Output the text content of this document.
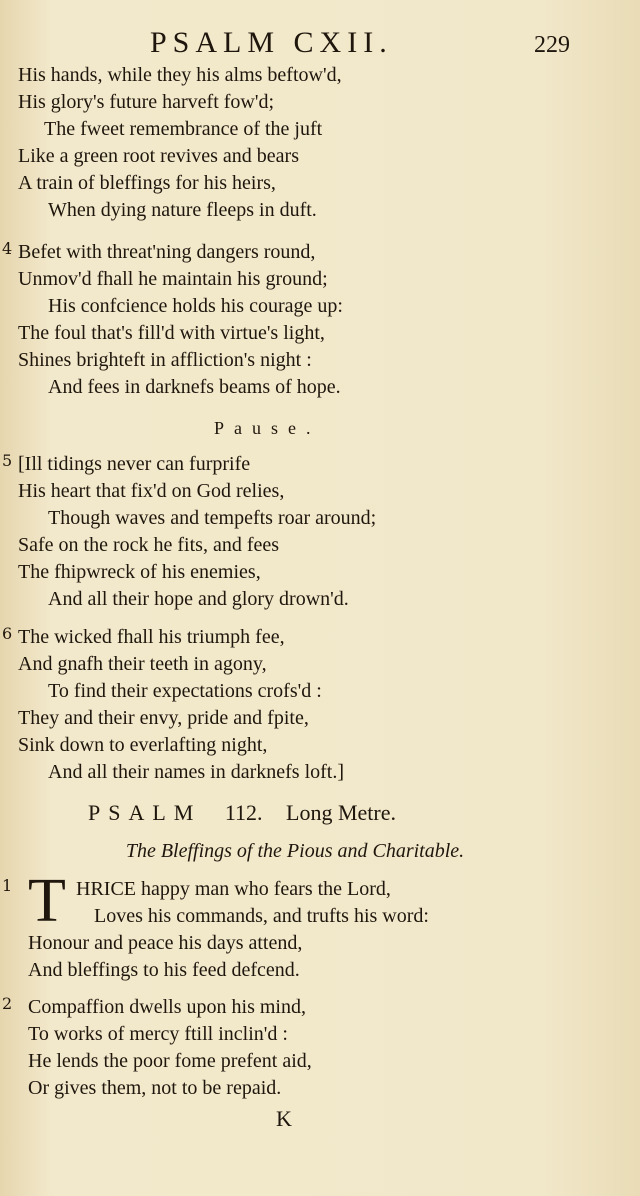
PSALM CXII.	229
His hands, while they his alms beftow'd,
His glory's future harveft fow'd;
The fweet remembrance of the juft
Like a green root revives and bears
A train of bleffings for his heirs,
When dying nature fleeps in duft.
4 Befet with threat'ning dangers round,
Unmov'd fhall he maintain his ground;
His confcience holds his courage up:
The foul that's fill'd with virtue's light,
Shines brighteft in affliction's night :
And fees in darknefs beams of hope.
Pause.
5 [Ill tidings never can furprife
His heart that fix'd on God relies,
Though waves and tempefts roar around;
Safe on the rock he fits, and fees
The fhipwreck of his enemies,
And all their hope and glory drown'd.
6 The wicked fhall his triumph fee,
And gnafh their teeth in agony,
To find their expectations crofs'd :
They and their envy, pride and fpite,
Sink down to everlafting night,
And all their names in darknefs loft.]
PSALM 112. Long Metre.
The Bleffings of the Pious and Charitable.
T
1	HRICE happy man who fears the Lord,
Loves his commands, and trufts his word:
Honour and peace his days attend,
And bleffings to his feed defcend.
2 Compaffion dwells upon his mind,
To works of mercy ftill inclin'd :
He lends the poor fome prefent aid,
Or gives them, not to be repaid.
K
